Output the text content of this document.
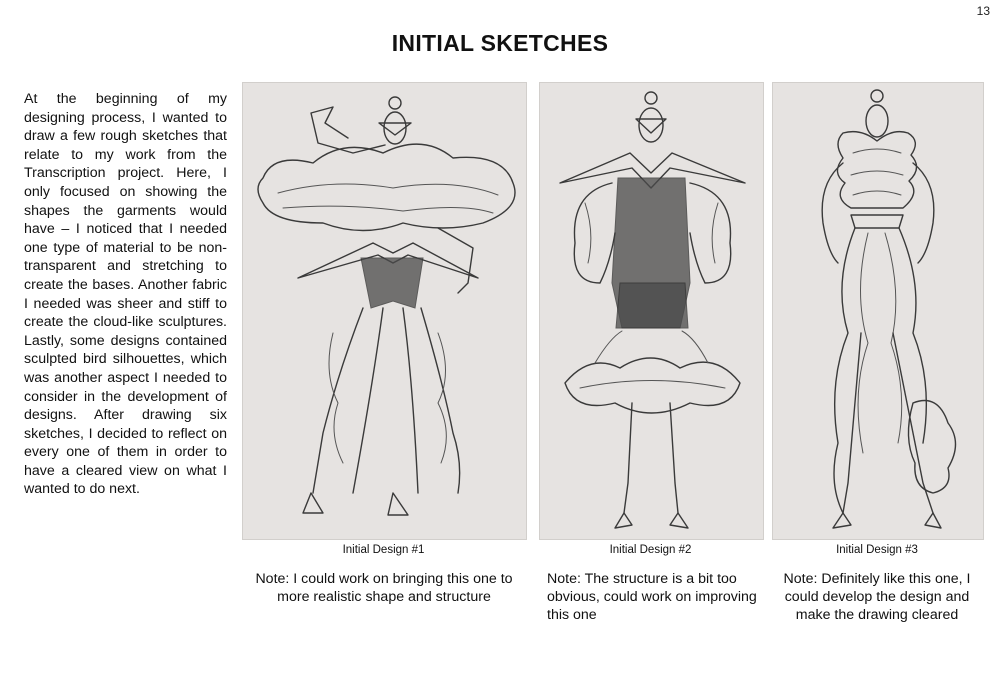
13
INITIAL SKETCHES
At the beginning of my designing process, I wanted to draw a few rough sketches that relate to my work from the Transcription project. Here, I only focused on showing the shapes the garments would have – I noticed that I needed one type of material to be non-transparent and stretching to create the bases. Another fabric I needed was sheer and stiff to create the cloud-like sculptures. Lastly, some designs contained sculpted bird silhouettes, which was another aspect I needed to consider in the development of designs. After drawing six sketches, I decided to reflect on every one of them in order to have a cleared view on what I wanted to do next.
Initial Design #1	Initial Design #2	Initial Design #3
Note: I could work on bringing this one to more realistic shape and structure
Note: The structure is a bit too obvious, could work on improving this one
Note: Definitely like this one, I could develop the design and make the drawing cleared
